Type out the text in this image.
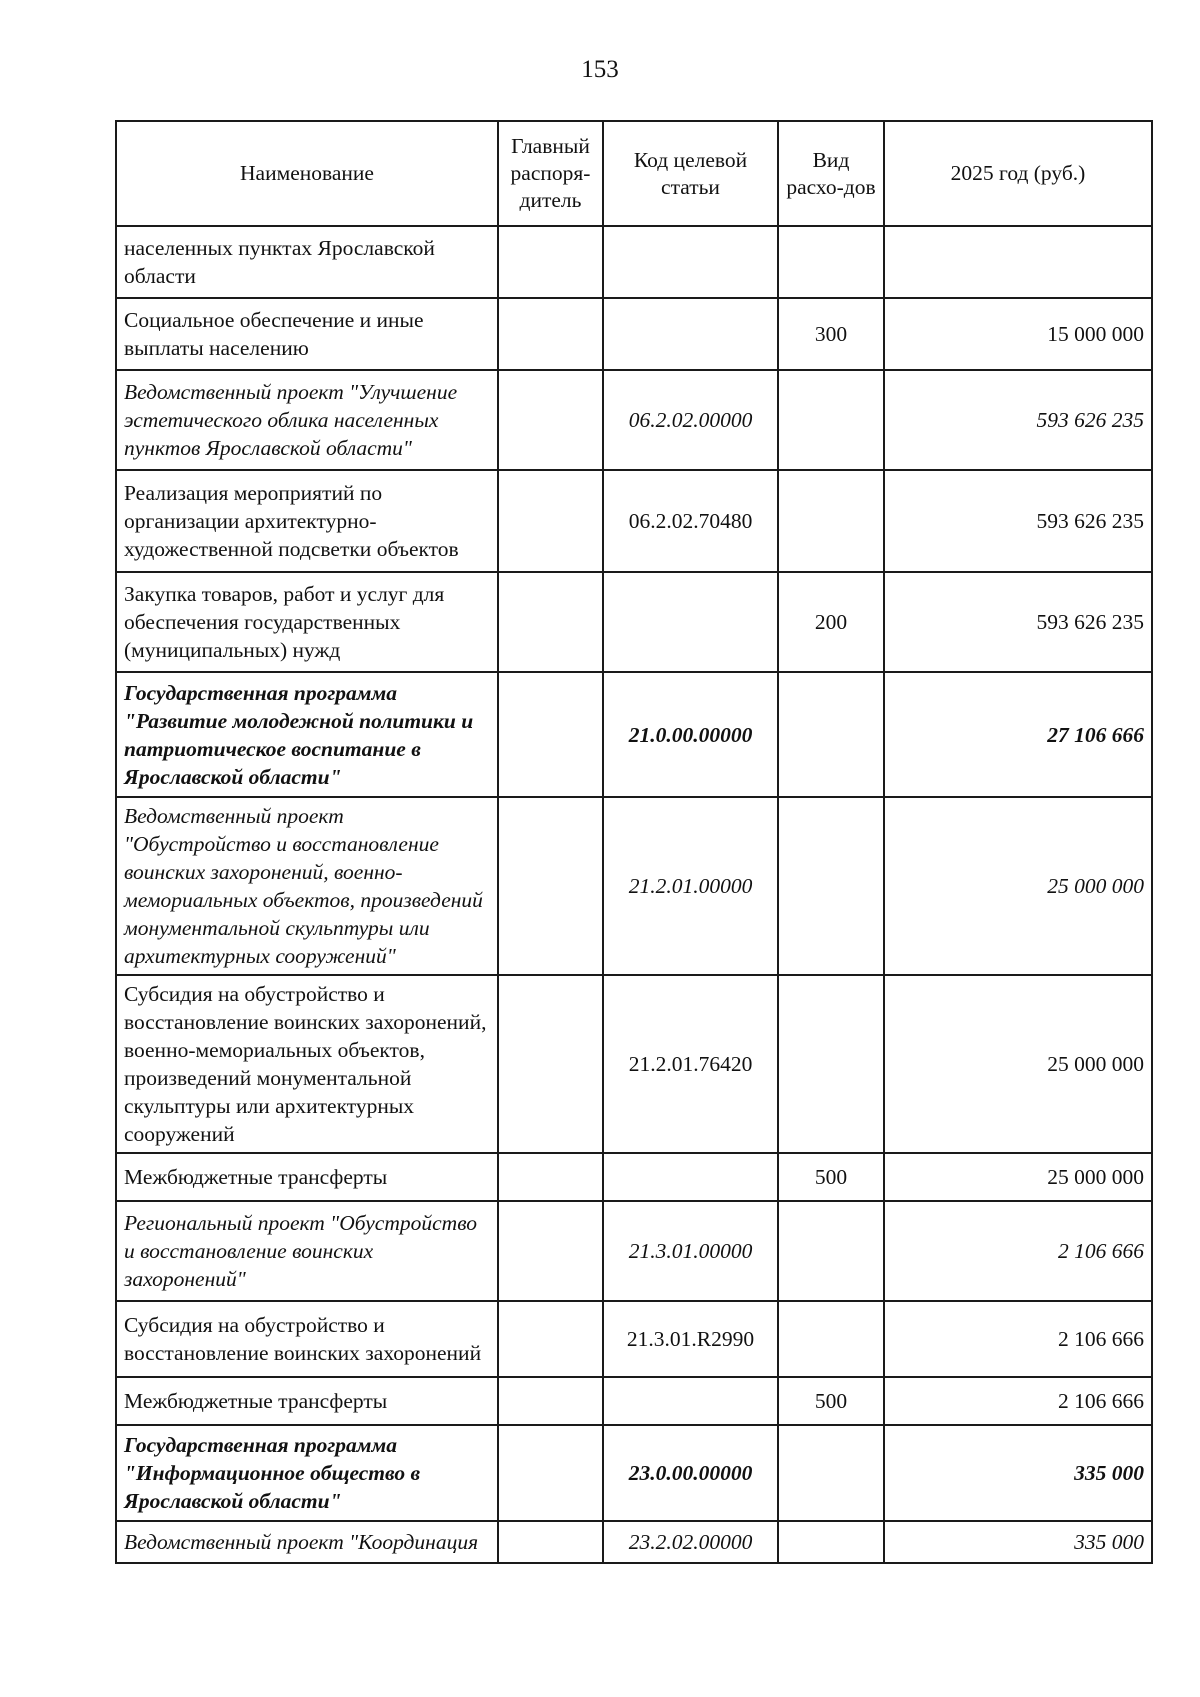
153
Наименование	Главный распоря-дитель	Код целевой статьи	Вид расхо-дов	2025 год (руб.)
населенных пунктах Ярославской области				
Социальное обеспечение и иные выплаты населению			300	15 000 000
Ведомственный проект "Улучшение эстетического облика населенных пунктов Ярославской области"		06.2.02.00000		593 626 235
Реализация мероприятий по организации архитектурно-художественной подсветки объектов		06.2.02.70480		593 626 235
Закупка товаров, работ и услуг для обеспечения государственных (муниципальных) нужд			200	593 626 235
Государственная программа "Развитие молодежной политики и патриотическое воспитание в Ярославской области"		21.0.00.00000		27 106 666
Ведомственный проект "Обустройство и восстановление воинских захоронений, военно-мемориальных объектов, произведений монументальной скульптуры или архитектурных сооружений"		21.2.01.00000		25 000 000
Субсидия на обустройство и восстановление воинских захоронений, военно-мемориальных объектов, произведений монументальной скульптуры или архитектурных сооружений		21.2.01.76420		25 000 000
Межбюджетные трансферты			500	25 000 000
Региональный проект "Обустройство и восстановление воинских захоронений"		21.3.01.00000		2 106 666
Субсидия на обустройство и восстановление воинских захоронений		21.3.01.R2990		2 106 666
Межбюджетные трансферты			500	2 106 666
Государственная программа "Информационное общество в Ярославской области"		23.0.00.00000		335 000
Ведомственный проект "Координация		23.2.02.00000		335 000
